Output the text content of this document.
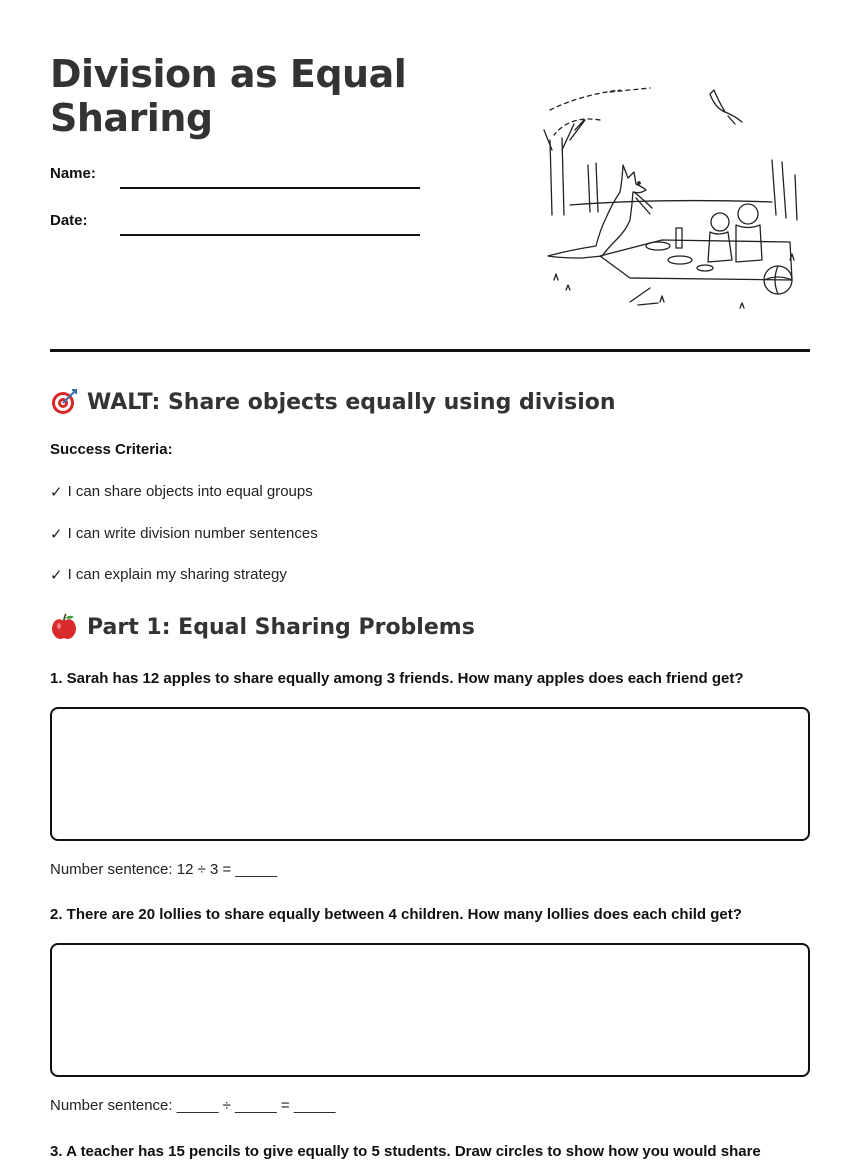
Division as Equal
Sharing
Name:
Date:
WALT: Share objects equally using division
Success Criteria:
✓ I can share objects into equal groups
✓ I can write division number sentences
✓ I can explain my sharing strategy
Part 1: Equal Sharing Problems
1. Sarah has 12 apples to share equally among 3 friends. How many apples does each friend get?
Number sentence: 12 ÷ 3 = _____
2. There are 20 lollies to share equally between 4 children. How many lollies does each child get?
Number sentence: _____ ÷ _____ = _____
3. A teacher has 15 pencils to give equally to 5 students. Draw circles to show how you would share
